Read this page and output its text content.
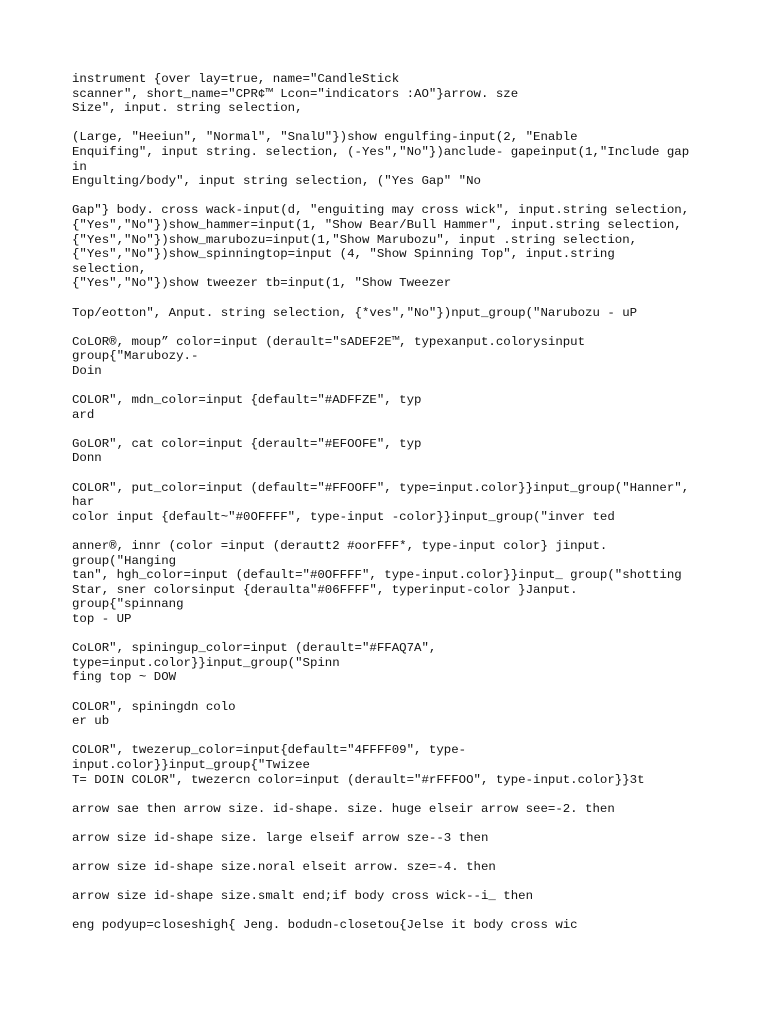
instrument {over lay=true, name="CandleStick
scanner", short_name="CPR¢™ Lcon="indicators :AO"}arrow. sze
Size", input. string selection,

(Large, "Heeiun", "Normal", "SnalU"})show engulfing-input(2, "Enable
Enquifing", input string. selection, (-Yes","No"})anclude- gapeinput(1,"Include gap
in
Engulting/body", input string selection, ("Yes Gap" "No

Gap"} body. cross wack-input(d, "enguiting may cross wick", input.string selection,
{"Yes","No"})show_hammer=input(1, "Show Bear/Bull Hammer", input.string selection,
{"Yes","No"})show_marubozu=input(1,"Show Marubozu", input .string selection,
{"Yes","No"})show_spinningtop=input (4, "Show Spinning Top", input.string
selection,
{"Yes","No"})show tweezer tb=input(1, "Show Tweezer

Top/eotton", Anput. string selection, {*ves","No"})nput_group("Narubozu - uP

CoLOR®, moup” color=input (derault="sADEF2E™, typexanput.colorysinput
group{"Marubozy.-
Doin

COLOR", mdn_color=input {default="#ADFFZE", typ
ard

GoLOR", cat color=input {derault="#EFOOFE", typ
Donn

COLOR", put_color=input (default="#FFOOFF", type=input.color}}input_group("Hanner",
har
color input {default~"#0OFFFF", type-input -color}}input_group("inver ted

anner®, innr (color =input (derautt2 #oorFFF*, type-input color} jinput.
group("Hanging
tan", hgh_color=input (default="#0OFFFF", type-input.color}}input_ group("shotting
Star, sner colorsinput {deraulta"#06FFFF", typerinput-color }Janput.
group{"spinnang
top - UP

CoLOR", spiningup_color=input (derault="#FFAQ7A",
type=input.color}}input_group("Spinn
fing top ~ DOW

COLOR", spiningdn colo
er ub

COLOR", twezerup_color=input{default="4FFFF09", type-
input.color}}input_group{"Twizee
T= DOIN COLOR", twezercn color=input (derault="#rFFFOO", type-input.color}}3t

arrow sae then arrow size. id-shape. size. huge elseir arrow see=-2. then

arrow size id-shape size. large elseif arrow sze--3 then

arrow size id-shape size.noral elseit arrow. sze=-4. then

arrow size id-shape size.smalt end;if body cross wick--i_ then

eng podyup=closeshigh{ Jeng. bodudn-closetou{Jelse it body cross wic
